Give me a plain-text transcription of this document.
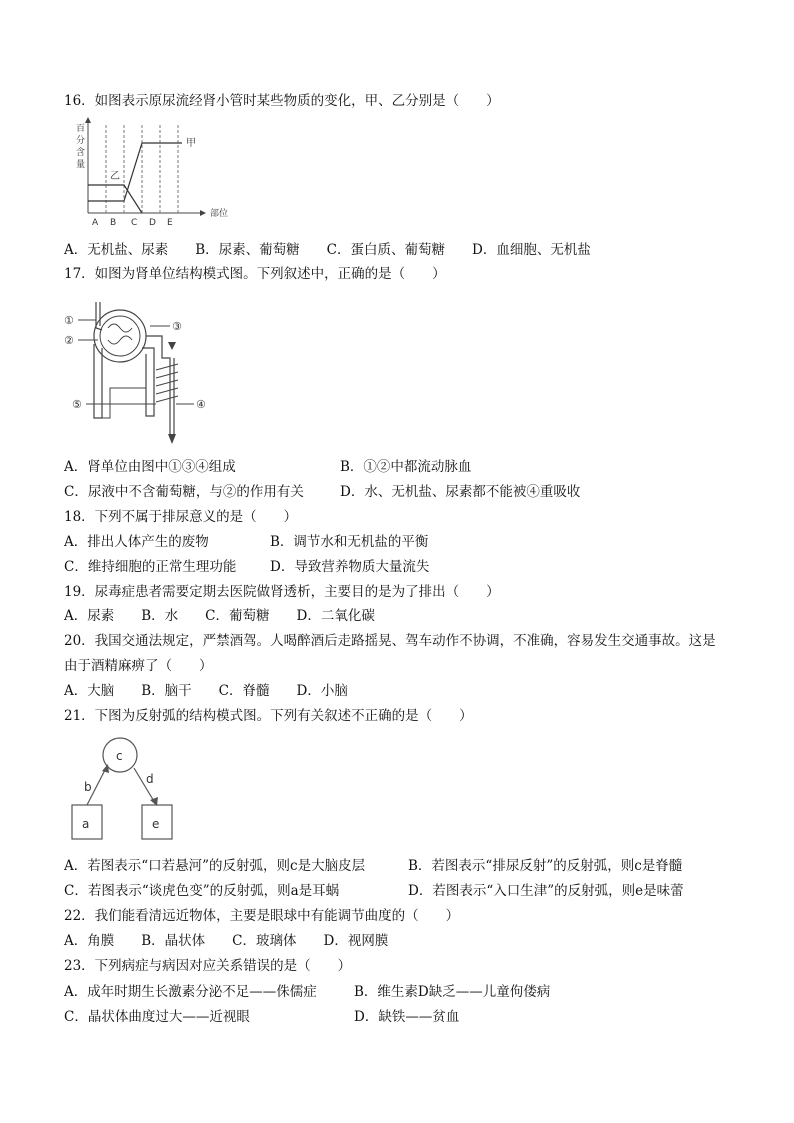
16．如图表示原尿流经肾小管时某些物质的变化，甲、乙分别是（　　）
百
分
含
量
甲
乙
A B C D E
部位
A．无机盐、尿素　　B．尿素、葡萄糖　　C．蛋白质、葡萄糖　　D．血细胞、无机盐
17．如图为肾单位结构模式图。下列叙述中，正确的是（　　）
①
②
③
④
⑤
A．肾单位由图中①③④组成	B．①②中都流动脉血
C．尿液中不含葡萄糖，与②的作用有关	D．水、无机盐、尿素都不能被④重吸收
18．下列不属于排尿意义的是（　　）
A．排出人体产生的废物	B．调节水和无机盐的平衡
C．维持细胞的正常生理功能 D．导致营养物质大量流失
19．尿毒症患者需要定期去医院做肾透析，主要目的是为了排出（　　）
A．尿素　　B．水　　C．葡萄糖　　D．二氧化碳
20．我国交通法规定，严禁酒驾。人喝醉酒后走路摇晃、驾车动作不协调，不准确，容易发生交通事故。这是
由于酒精麻痹了（　　）
A．大脑　　B．脑干　　C．脊髓　　D．小脑
21．下图为反射弧的结构模式图。下列有关叙述不正确的是（　　）
c
b
d
a	e
A．若图表示“口若悬河”的反射弧，则c是大脑皮层	B．若图表示“排尿反射”的反射弧，则c是脊髓
C．若图表示“谈虎色变”的反射弧，则a是耳蜗	D．若图表示“入口生津”的反射弧，则e是味蕾
22．我们能看清远近物体，主要是眼球中有能调节曲度的（　　）
A．角膜　　B．晶状体　　C．玻璃体　　D．视网膜
23．下列病症与病因对应关系错误的是（　　）
A．成年时期生长激素分泌不足——侏儒症	B．维生素D缺乏——儿童佝偻病
C．晶状体曲度过大——近视眼	D．缺铁——贫血
